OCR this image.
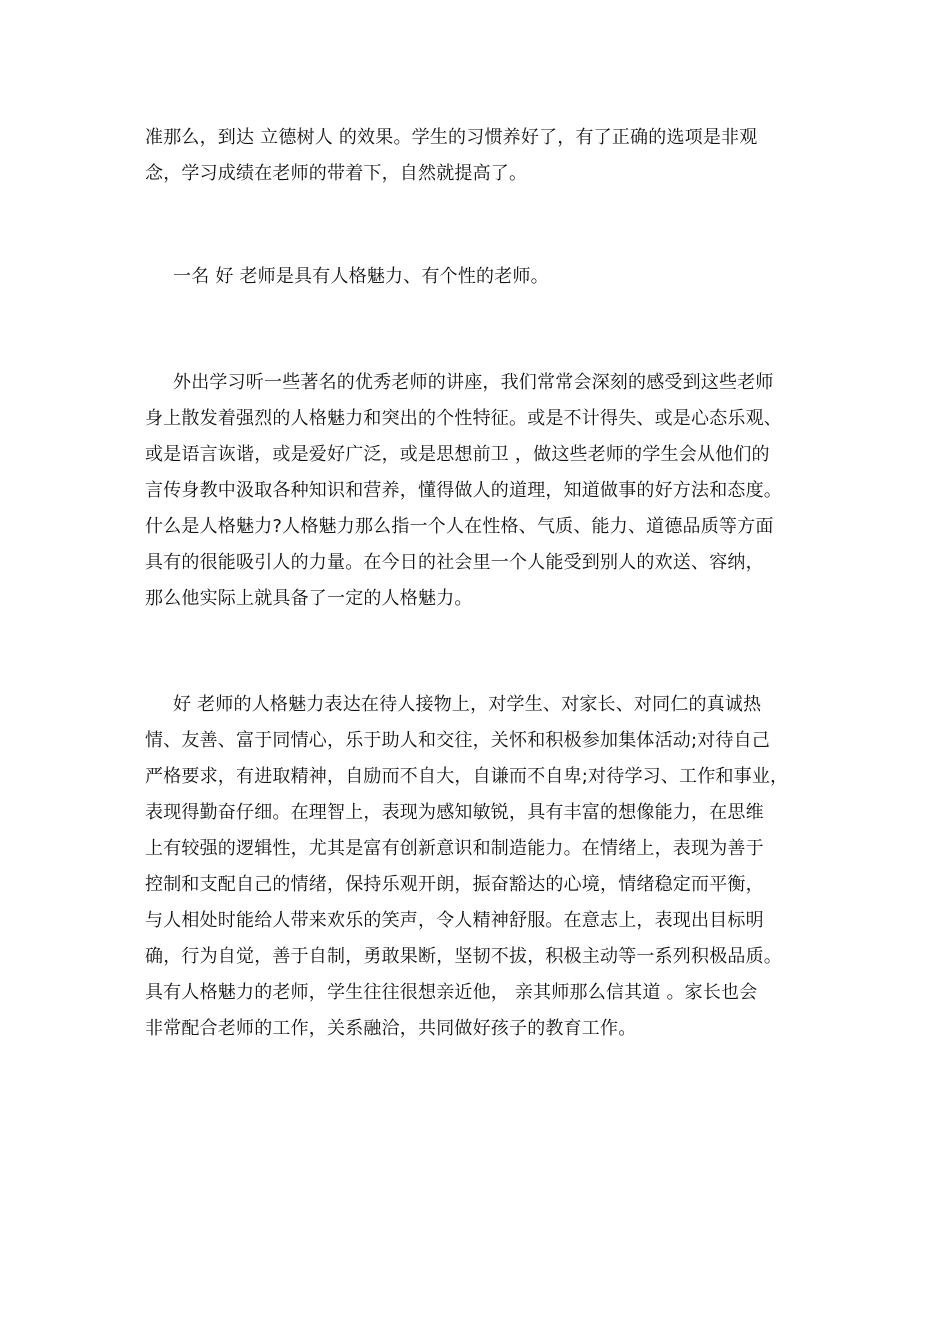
准那么，到达 立德树人 的效果。学生的习惯养好了，有了正确的选项是非观
念，学习成绩在老师的带着下，自然就提高了。
一名 好 老师是具有人格魅力、有个性的老师。
外出学习听一些著名的优秀老师的讲座，我们常常会深刻的感受到这些老师
身上散发着强烈的人格魅力和突出的个性特征。或是不计得失、或是心态乐观、
或是语言诙谐，或是爱好广泛，或是思想前卫 ，做这些老师的学生会从他们的
言传身教中汲取各种知识和营养，懂得做人的道理，知道做事的好方法和态度。
什么是人格魅力?人格魅力那么指一个人在性格、气质、能力、道德品质等方面
具有的很能吸引人的力量。在今日的社会里一个人能受到别人的欢送、容纳，
那么他实际上就具备了一定的人格魅力。
好 老师的人格魅力表达在待人接物上，对学生、对家长、对同仁的真诚热
情、友善、富于同情心，乐于助人和交往，关怀和积极参加集体活动;对待自己
严格要求，有进取精神，自励而不自大，自谦而不自卑;对待学习、工作和事业，
表现得勤奋仔细。在理智上，表现为感知敏锐，具有丰富的想像能力，在思维
上有较强的逻辑性，尤其是富有创新意识和制造能力。在情绪上，表现为善于
控制和支配自己的情绪，保持乐观开朗，振奋豁达的心境，情绪稳定而平衡，
与人相处时能给人带来欢乐的笑声，令人精神舒服。在意志上，表现出目标明
确，行为自觉，善于自制，勇敢果断，坚韧不拔，积极主动等一系列积极品质。
具有人格魅力的老师，学生往往很想亲近他， 亲其师那么信其道 。家长也会
非常配合老师的工作，关系融洽，共同做好孩子的教育工作。
